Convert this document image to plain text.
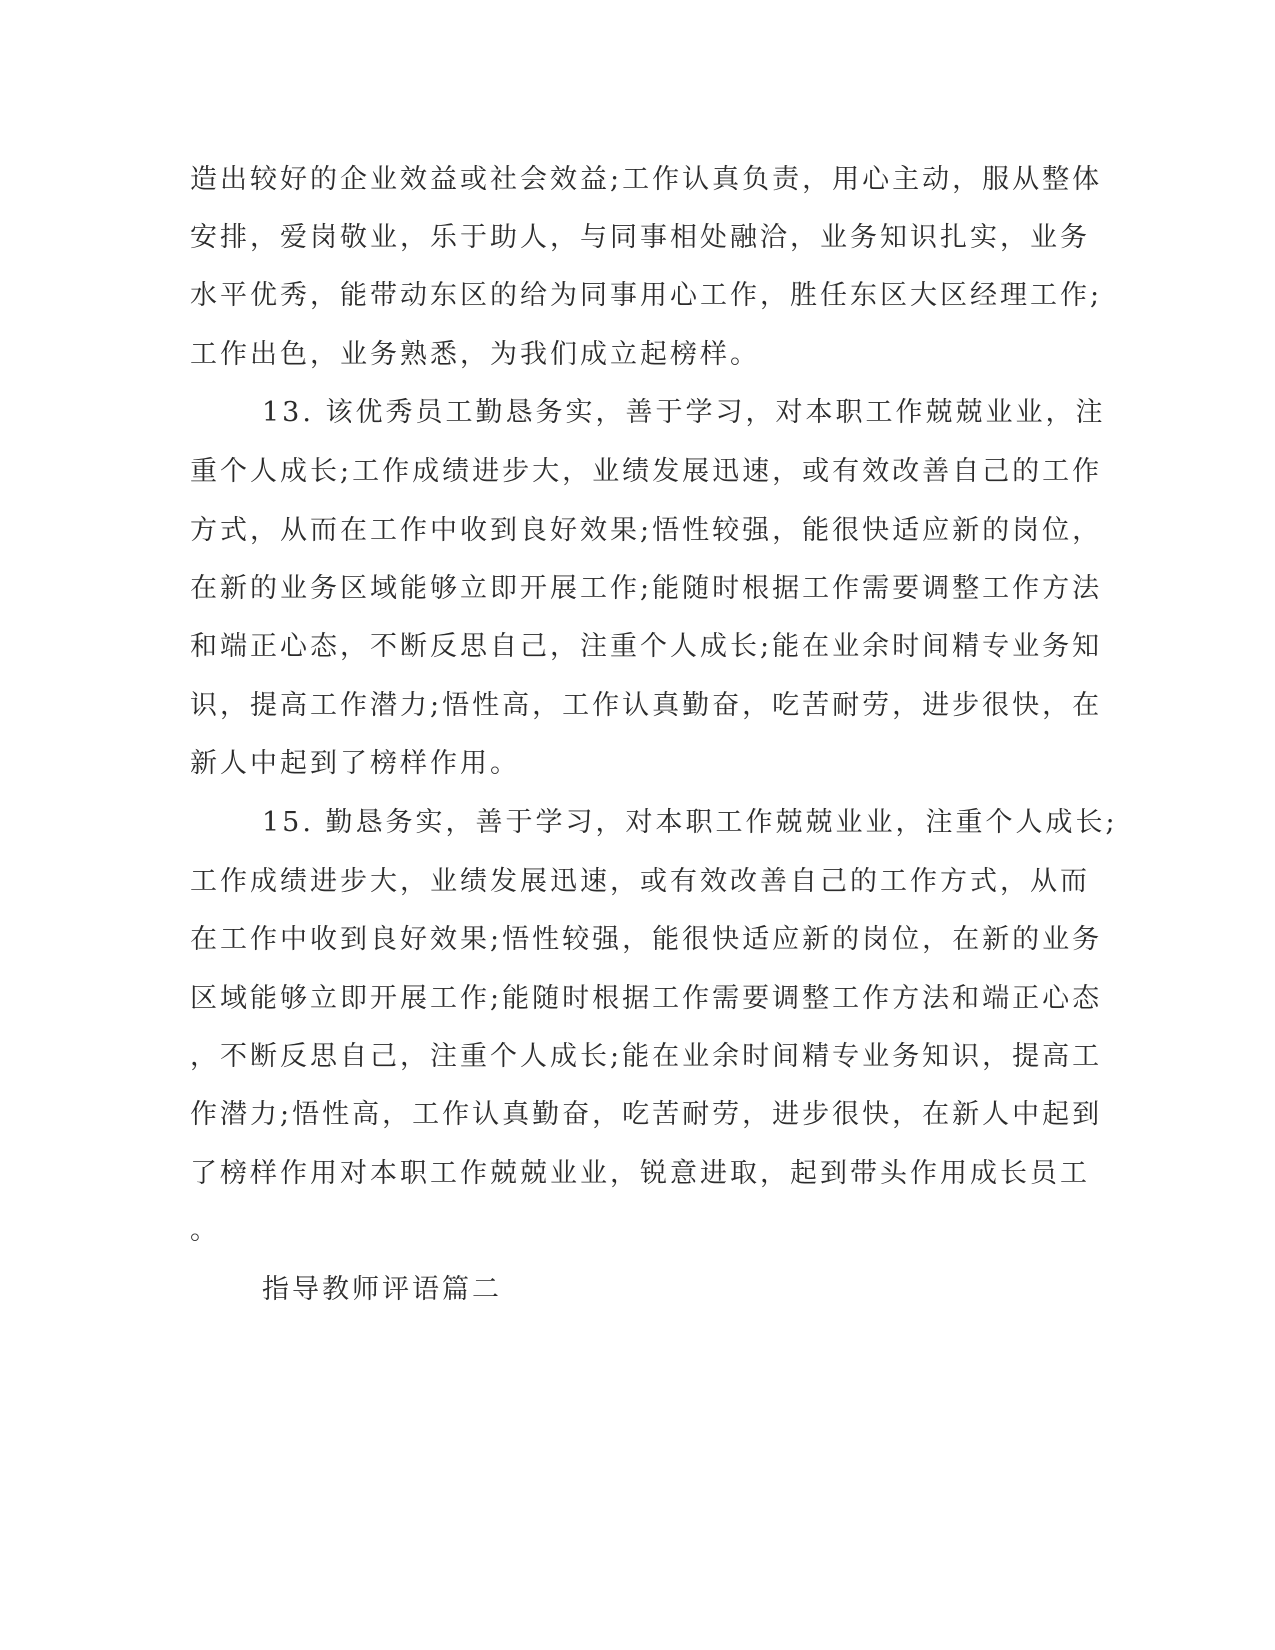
造出较好的企业效益或社会效益;工作认真负责，用心主动，服从整体
安排，爱岗敬业，乐于助人，与同事相处融洽，业务知识扎实，业务
水平优秀，能带动东区的给为同事用心工作，胜任东区大区经理工作;
工作出色，业务熟悉，为我们成立起榜样。
13. 该优秀员工勤恳务实，善于学习，对本职工作兢兢业业，注
重个人成长;工作成绩进步大，业绩发展迅速，或有效改善自己的工作
方式，从而在工作中收到良好效果;悟性较强，能很快适应新的岗位，
在新的业务区域能够立即开展工作;能随时根据工作需要调整工作方法
和端正心态，不断反思自己，注重个人成长;能在业余时间精专业务知
识，提高工作潜力;悟性高，工作认真勤奋，吃苦耐劳，进步很快，在
新人中起到了榜样作用。
15. 勤恳务实，善于学习，对本职工作兢兢业业，注重个人成长;
工作成绩进步大，业绩发展迅速，或有效改善自己的工作方式，从而
在工作中收到良好效果;悟性较强，能很快适应新的岗位，在新的业务
区域能够立即开展工作;能随时根据工作需要调整工作方法和端正心态
，不断反思自己，注重个人成长;能在业余时间精专业务知识，提高工
作潜力;悟性高，工作认真勤奋，吃苦耐劳，进步很快，在新人中起到
了榜样作用对本职工作兢兢业业，锐意进取，起到带头作用成长员工
。
指导教师评语篇二
